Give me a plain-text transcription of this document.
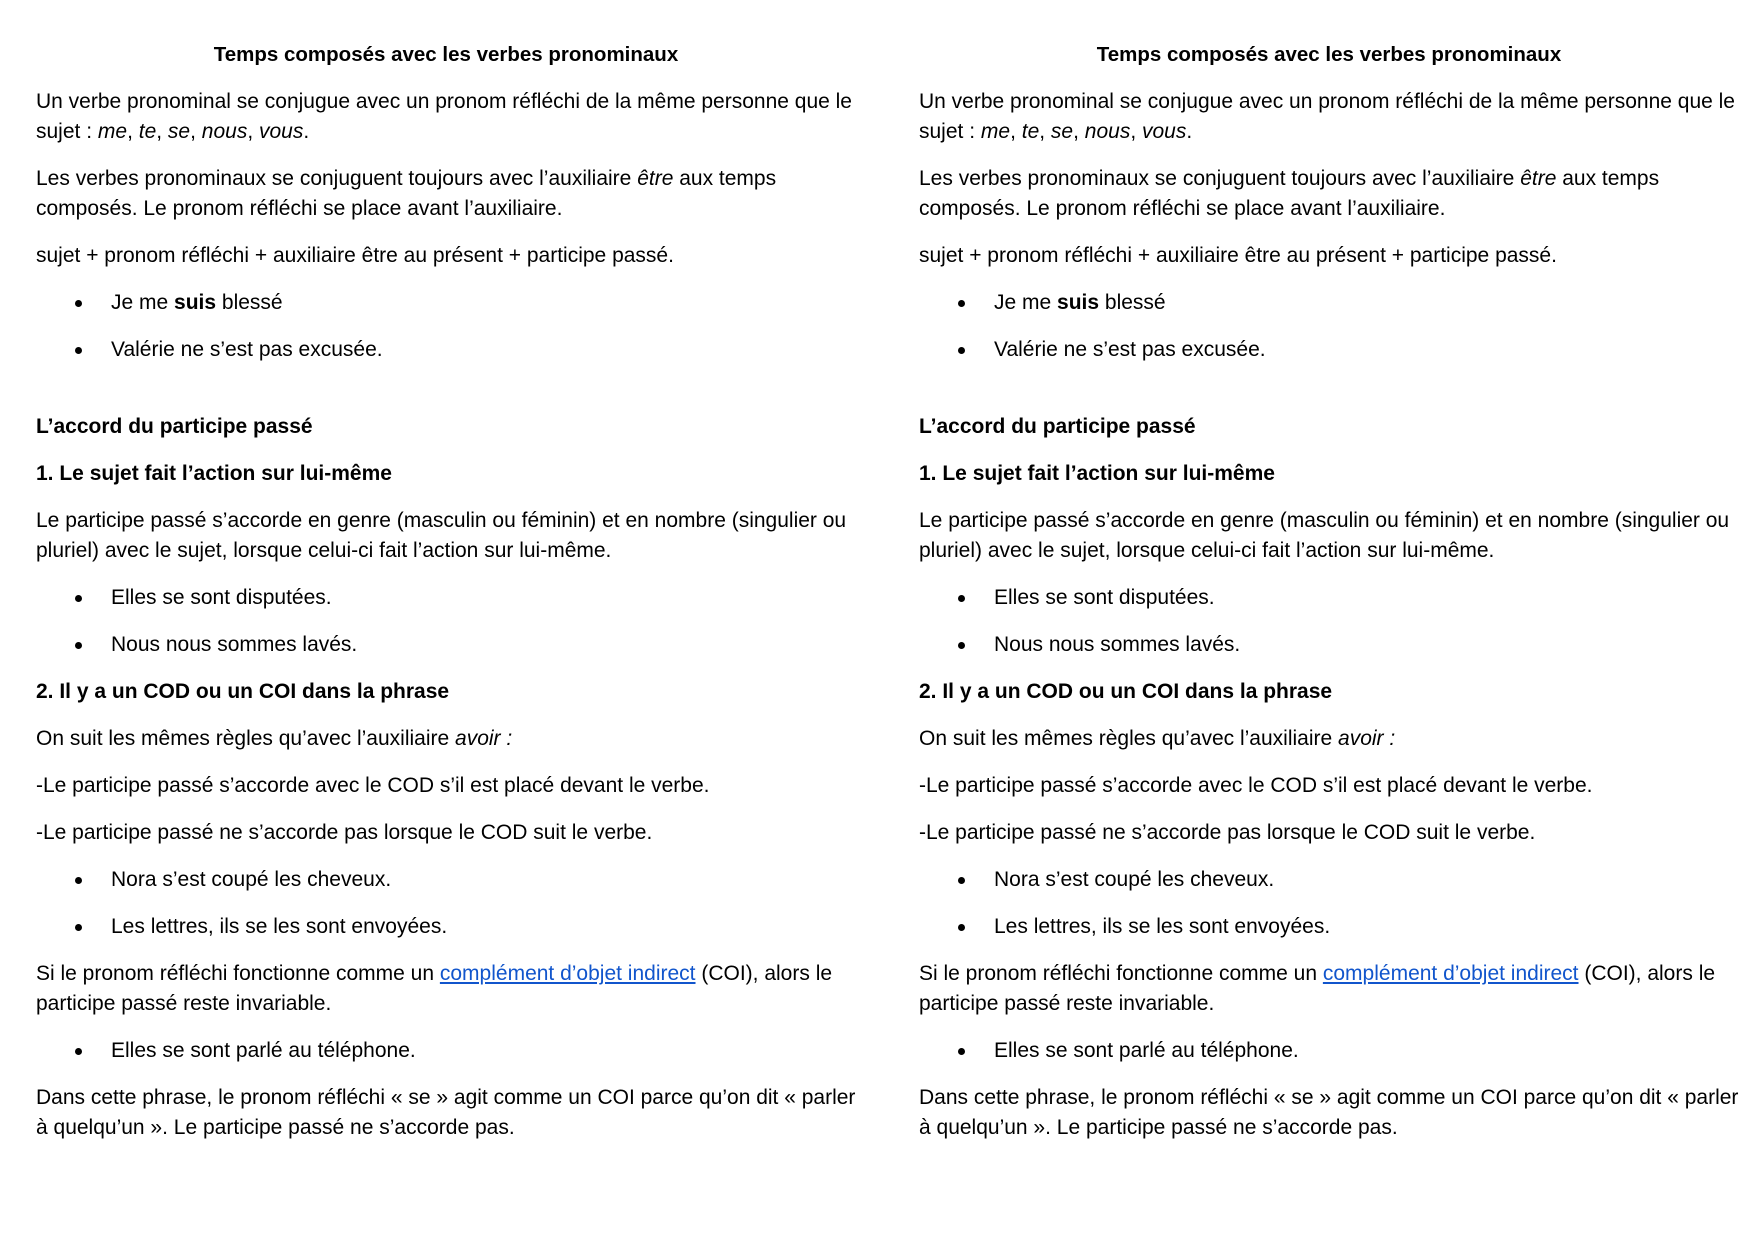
Temps composés avec les verbes pronominaux

Un verbe pronominal se conjugue avec un pronom réfléchi de la même personne que le sujet : me, te, se, nous, vous.

Les verbes pronominaux se conjuguent toujours avec l’auxiliaire être aux temps composés. Le pronom réfléchi se place avant l’auxiliaire.

sujet + pronom réfléchi + auxiliaire être au présent + participe passé.

Je me suis blessé
Valérie ne s’est pas excusée.
L’accord du participe passé
1. Le sujet fait l’action sur lui-même

Le participe passé s’accorde en genre (masculin ou féminin) et en nombre (singulier ou pluriel) avec le sujet, lorsque celui-ci fait l’action sur lui-même.

Elles se sont disputées.
Nous nous sommes lavés.
2. Il y a un COD ou un COI dans la phrase

On suit les mêmes règles qu’avec l’auxiliaire avoir :

-Le participe passé s’accorde avec le COD s’il est placé devant le verbe.

-Le participe passé ne s’accorde pas lorsque le COD suit le verbe.

Nora s’est coupé les cheveux.
Les lettres, ils se les sont envoyées.

Si le pronom réfléchi fonctionne comme un complément d’objet indirect (COI), alors le participe passé reste invariable.

Elles se sont parlé au téléphone.

Dans cette phrase, le pronom réfléchi « se » agit comme un COI parce qu’on dit « parler à quelqu’un ». Le participe passé ne s’accorde pas.

Temps composés avec les verbes pronominaux

Un verbe pronominal se conjugue avec un pronom réfléchi de la même personne que le sujet : me, te, se, nous, vous.

Les verbes pronominaux se conjuguent toujours avec l’auxiliaire être aux temps composés. Le pronom réfléchi se place avant l’auxiliaire.

sujet + pronom réfléchi + auxiliaire être au présent + participe passé.

Je me suis blessé
Valérie ne s’est pas excusée.
L’accord du participe passé
1. Le sujet fait l’action sur lui-même

Le participe passé s’accorde en genre (masculin ou féminin) et en nombre (singulier ou pluriel) avec le sujet, lorsque celui-ci fait l’action sur lui-même.

Elles se sont disputées.
Nous nous sommes lavés.
2. Il y a un COD ou un COI dans la phrase

On suit les mêmes règles qu’avec l’auxiliaire avoir :

-Le participe passé s’accorde avec le COD s’il est placé devant le verbe.

-Le participe passé ne s’accorde pas lorsque le COD suit le verbe.

Nora s’est coupé les cheveux.
Les lettres, ils se les sont envoyées.

Si le pronom réfléchi fonctionne comme un complément d’objet indirect (COI), alors le participe passé reste invariable.

Elles se sont parlé au téléphone.

Dans cette phrase, le pronom réfléchi « se » agit comme un COI parce qu’on dit « parler à quelqu’un ». Le participe passé ne s’accorde pas.
